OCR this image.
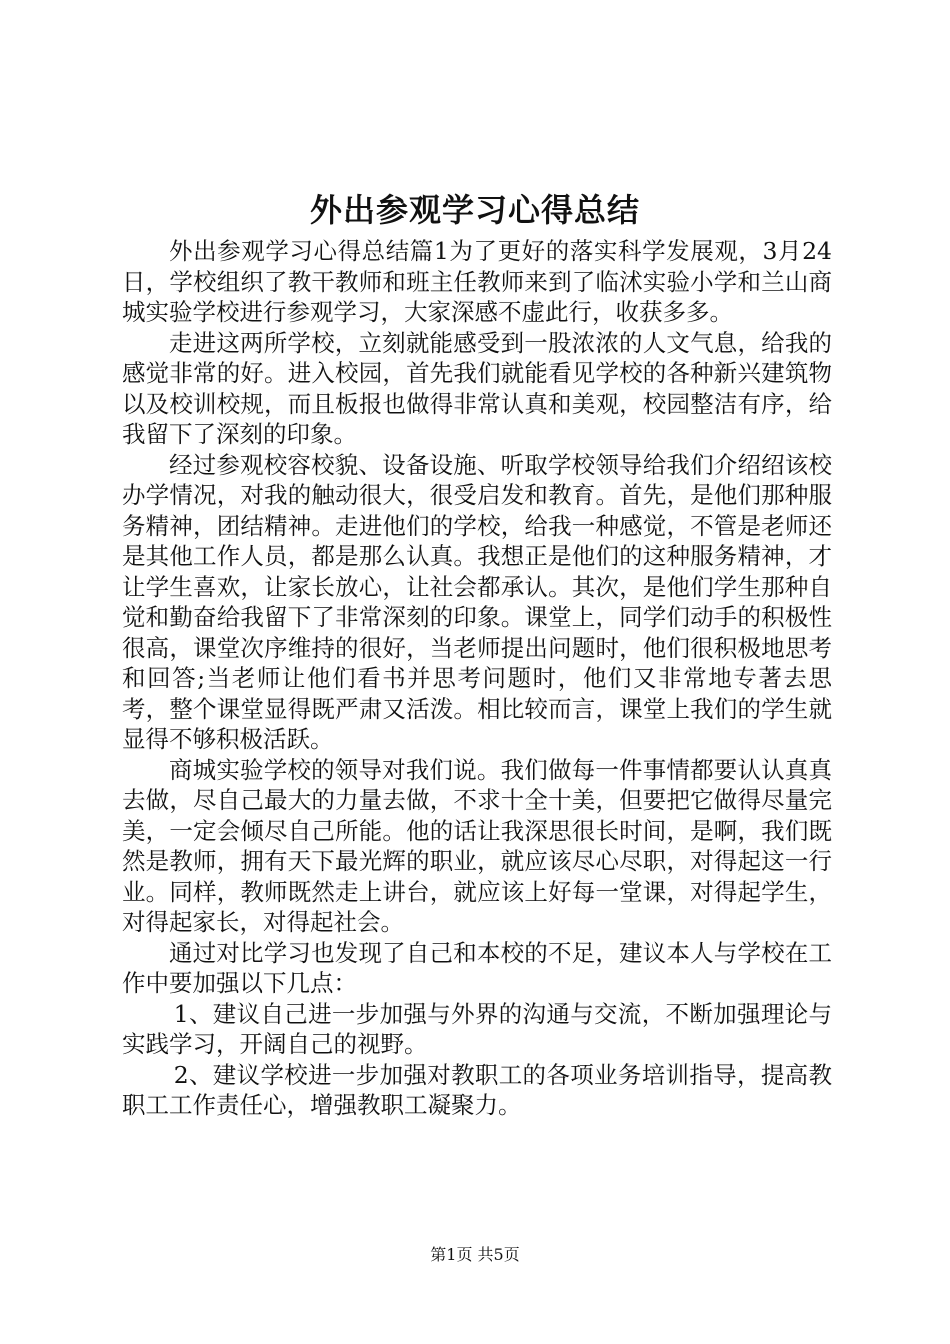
外出参观学习心得总结

外出参观学习心得总结篇1为了更好的落实科学发展观，3月24日，学校组织了教干教师和班主任教师来到了临沭实验小学和兰山商城实验学校进行参观学习，大家深感不虚此行，收获多多。

走进这两所学校，立刻就能感受到一股浓浓的人文气息，给我的感觉非常的好。进入校园，首先我们就能看见学校的各种新兴建筑物以及校训校规，而且板报也做得非常认真和美观，校园整洁有序，给我留下了深刻的印象。

经过参观校容校貌、设备设施、听取学校领导给我们介绍绍该校办学情况，对我的触动很大，很受启发和教育。首先，是他们那种服务精神，团结精神。走进他们的学校，给我一种感觉，不管是老师还是其他工作人员，都是那么认真。我想正是他们的这种服务精神，才让学生喜欢，让家长放心，让社会都承认。其次，是他们学生那种自觉和勤奋给我留下了非常深刻的印象。课堂上，同学们动手的积极性很高，课堂次序维持的很好，当老师提出问题时，他们很积极地思考和回答;当老师让他们看书并思考问题时，他们又非常地专著去思考，整个课堂显得既严肃又活泼。相比较而言，课堂上我们的学生就显得不够积极活跃。

商城实验学校的领导对我们说。我们做每一件事情都要认认真真去做，尽自己最大的力量去做，不求十全十美，但要把它做得尽量完美，一定会倾尽自己所能。他的话让我深思很长时间，是啊，我们既然是教师，拥有天下最光辉的职业，就应该尽心尽职，对得起这一行业。同样，教师既然走上讲台，就应该上好每一堂课，对得起学生，对得起家长，对得起社会。

通过对比学习也发现了自己和本校的不足，建议本人与学校在工作中要加强以下几点：

1、建议自己进一步加强与外界的沟通与交流，不断加强理论与实践学习，开阔自己的视野。

2、建议学校进一步加强对教职工的各项业务培训指导，提高教职工工作责任心，增强教职工凝聚力。

第1页 共5页
